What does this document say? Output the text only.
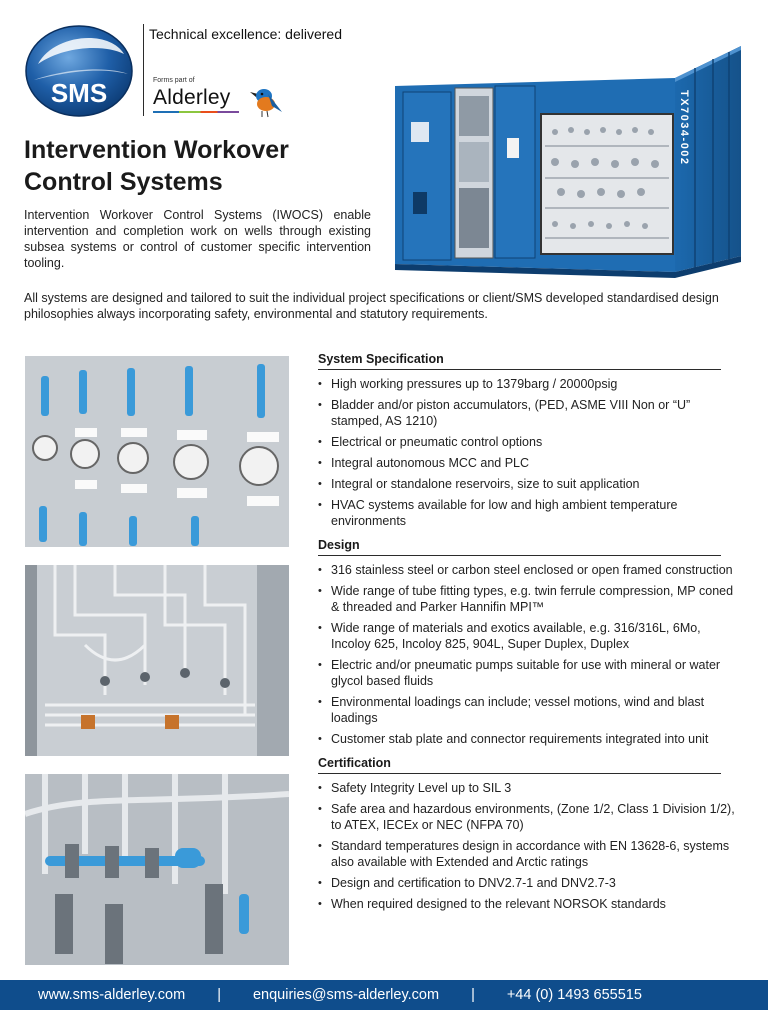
SMS
Technical excellence: delivered
Forms part of
Alderley	TX7034-002
Intervention Workover
Control Systems

Intervention Workover Control Systems (IWOCS) enable intervention and completion work on wells through existing subsea systems or control of customer specific intervention tooling.

All systems are designed and tailored to suit the individual project specifications or client/SMS developed standardised design philosophies always incorporating safety, environmental and statutory requirements.

System Specification
• High working pressures up to 1379barg / 20000psig
• Bladder and/or piston accumulators, (PED, ASME VIII Non or “U” stamped, AS 1210)
• Electrical or pneumatic control options
• Integral autonomous MCC and PLC
• Integral or standalone reservoirs, size to suit application
• HVAC systems available for low and high ambient temperature environments
Design
• 316 stainless steel or carbon steel enclosed or open framed construction
• Wide range of tube fitting types, e.g. twin ferrule compression, MP coned & threaded and Parker Hannifin MPI™
• Wide range of materials and exotics available, e.g. 316/316L, 6Mo, Incoloy 625, Incoloy 825, 904L, Super Duplex, Duplex
• Electric and/or pneumatic pumps suitable for use with mineral or water glycol based fluids
• Environmental loadings can include; vessel motions, wind and blast loadings
• Customer stab plate and connector requirements integrated into unit
Certification
• Safety Integrity Level up to SIL 3
• Safe area and hazardous environments, (Zone 1/2, Class 1 Division 1/2), to ATEX, IECEx or NEC (NFPA 70)
• Standard temperatures design in accordance with EN 13628-6, systems also available with Extended and Arctic ratings
• Design and certification to DNV2.7-1 and DNV2.7-3
• When required designed to the relevant NORSOK standards
www.sms-alderley.com | enquiries@sms-alderley.com | +44 (0) 1493 655515
